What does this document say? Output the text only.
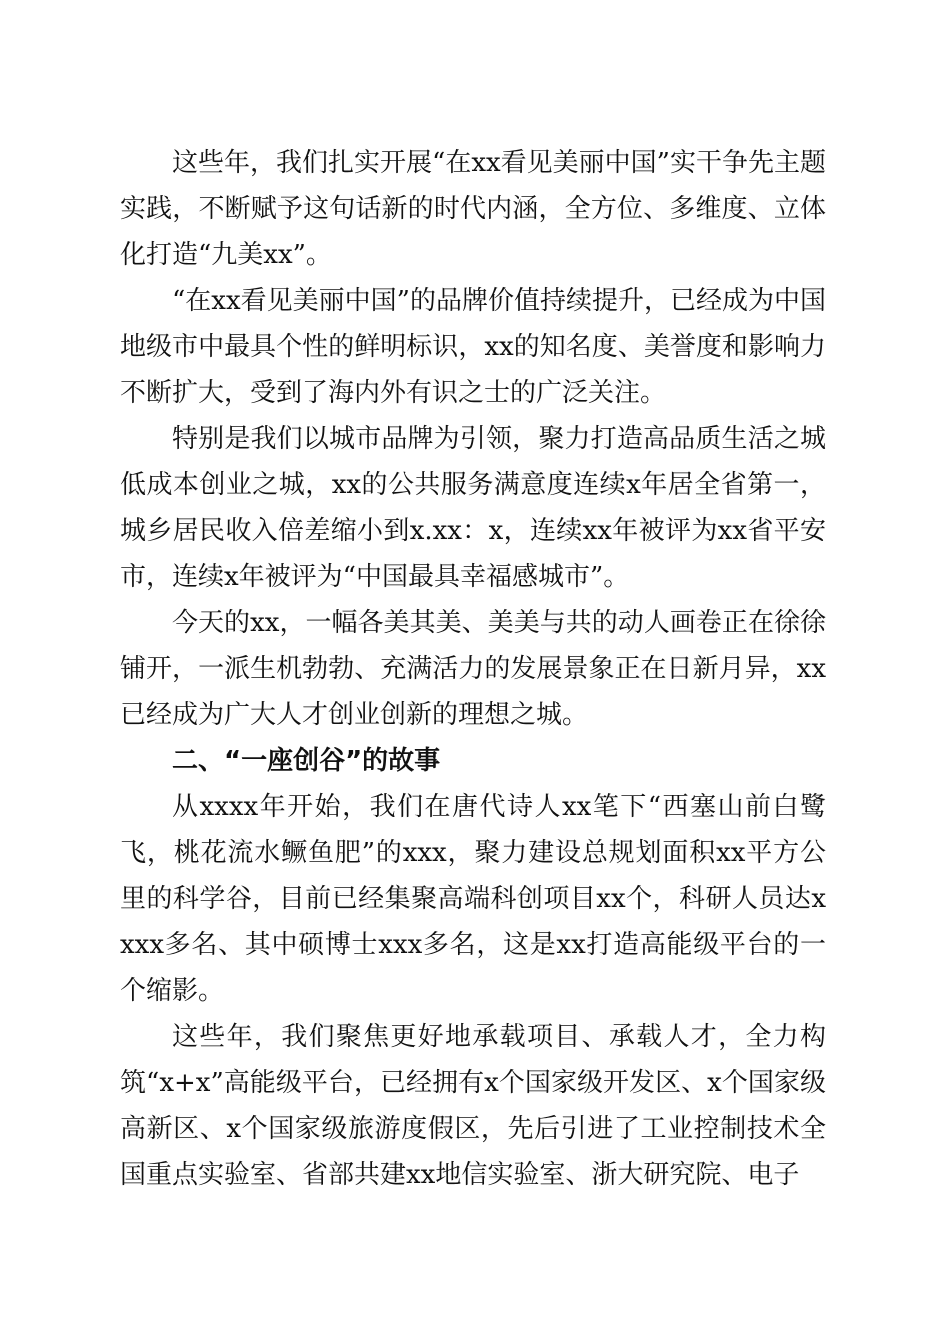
这些年，我们扎实开展“在xx看见美丽中国”实干争先主题实践，不断赋予这句话新的时代内涵，全方位、多维度、立体化打造“九美xx”。

“在xx看见美丽中国”的品牌价值持续提升，已经成为中国地级市中最具个性的鲜明标识，xx的知名度、美誉度和影响力不断扩大，受到了海内外有识之士的广泛关注。

特别是我们以城市品牌为引领，聚力打造高品质生活之城低成本创业之城，xx的公共服务满意度连续x年居全省第一，城乡居民收入倍差缩小到x.xx：x，连续xx年被评为xx省平安市，连续x年被评为“中国最具幸福感城市”。

今天的xx，一幅各美其美、美美与共的动人画卷正在徐徐铺开，一派生机勃勃、充满活力的发展景象正在日新月异，xx已经成为广大人才创业创新的理想之城。

二、“一座创谷”的故事

从xxxx年开始，我们在唐代诗人xx笔下“西塞山前白鹭飞，桃花流水鳜鱼肥”的xxx，聚力建设总规划面积xx平方公里的科学谷，目前已经集聚高端科创项目xx个，科研人员达xxxx多名、其中硕博士xxx多名，这是xx打造高能级平台的一个缩影。

这些年，我们聚焦更好地承载项目、承载人才，全力构筑“x+x”高能级平台，已经拥有x个国家级开发区、x个国家级高新区、x个国家级旅游度假区，先后引进了工业控制技术全国重点实验室、省部共建xx地信实验室、浙大研究院、电子
